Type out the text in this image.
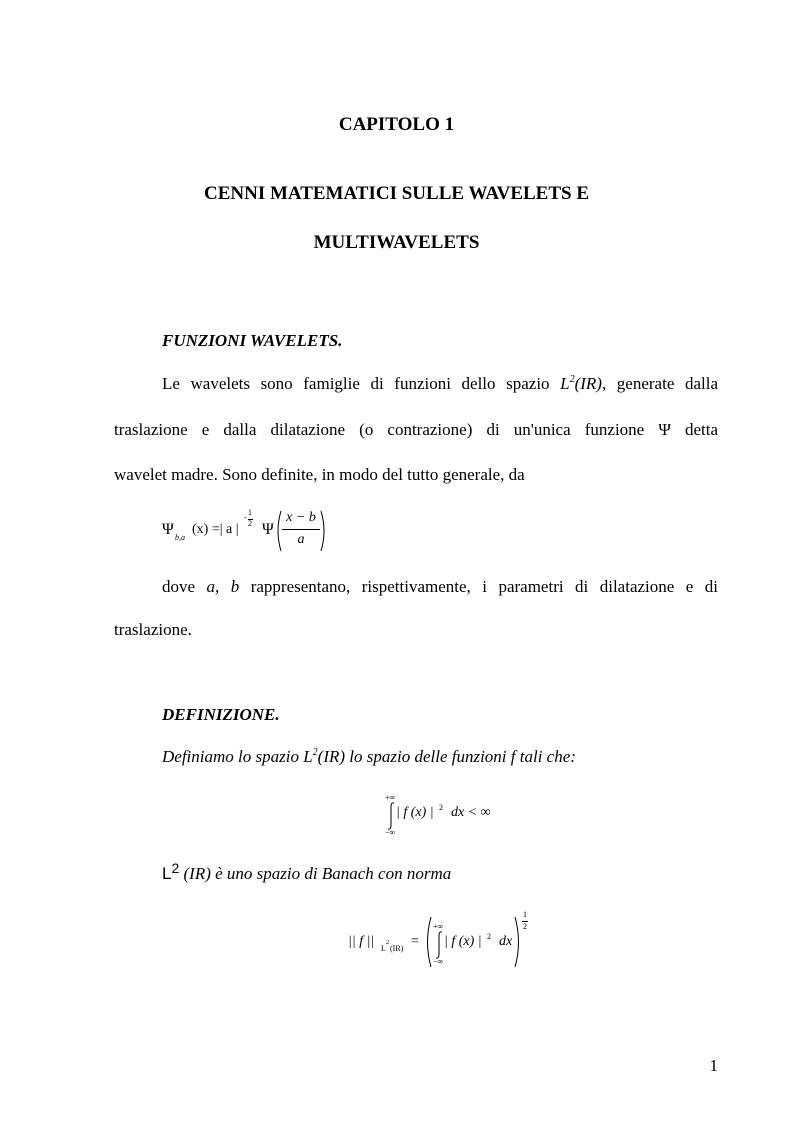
CAPITOLO 1
CENNI MATEMATICI SULLE WAVELETS E
MULTIWAVELETS
FUNZIONI WAVELETS.
Le wavelets sono famiglie di funzioni dello spazio $L^2(IR)$, generate dalla
traslazione e dalla dilatazione (o contrazione) di un'unica funzione Ψ detta
wavelet madre. Sono definite, in modo del tutto generale, da
Ψ b,a
(x) =| a |
-
1
2 Ψ
x − b
a
dove a, b rappresentano, rispettivamente, i parametri di dilatazione e di
traslazione.
DEFINIZIONE.
Definiamo lo spazio $L^2(IR)$ lo spazio delle funzioni f tali che:
+∞
−∞
| f (x) | 2 dx < ∞
$L^2$ (IR) è uno spazio di Banach con norma
|| f || L
2
(IR) =
+∞
−∞
| f (x) | 2 dx
1
2
1
